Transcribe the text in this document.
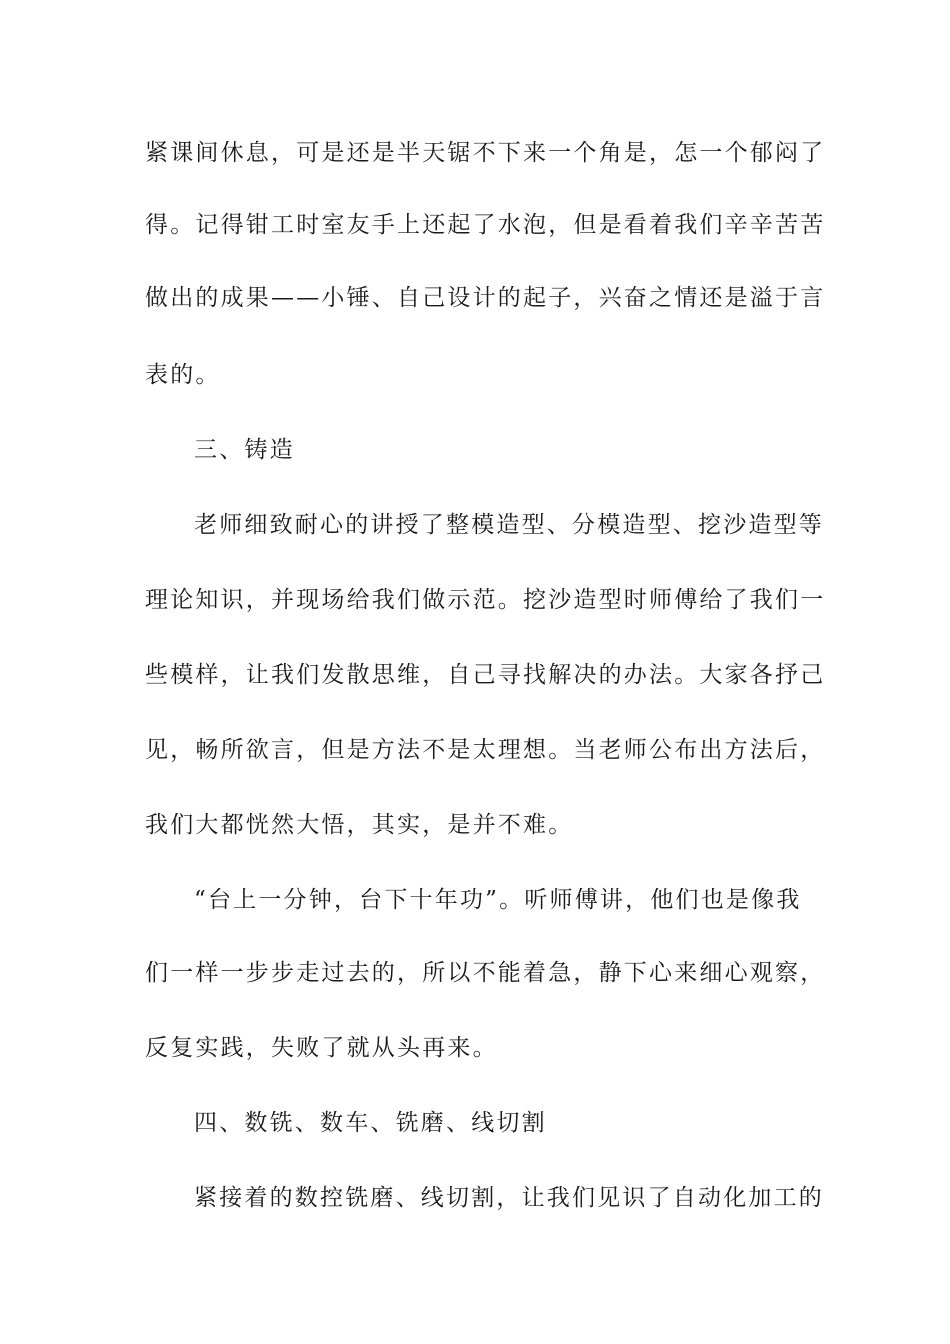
紧课间休息，可是还是半天锯不下来一个角是，怎一个郁闷了
得。记得钳工时室友手上还起了水泡，但是看着我们辛辛苦苦
做出的成果——小锤、自己设计的起子，兴奋之情还是溢于言
表的。
三、铸造
老师细致耐心的讲授了整模造型、分模造型、挖沙造型等
理论知识，并现场给我们做示范。挖沙造型时师傅给了我们一
些模样，让我们发散思维，自己寻找解决的办法。大家各抒己
见，畅所欲言，但是方法不是太理想。当老师公布出方法后，
我们大都恍然大悟，其实，是并不难。
“台上一分钟，台下十年功”。听师傅讲，他们也是像我
们一样一步步走过去的，所以不能着急，静下心来细心观察，
反复实践，失败了就从头再来。
四、数铣、数车、铣磨、线切割
紧接着的数控铣磨、线切割，让我们见识了自动化加工的
